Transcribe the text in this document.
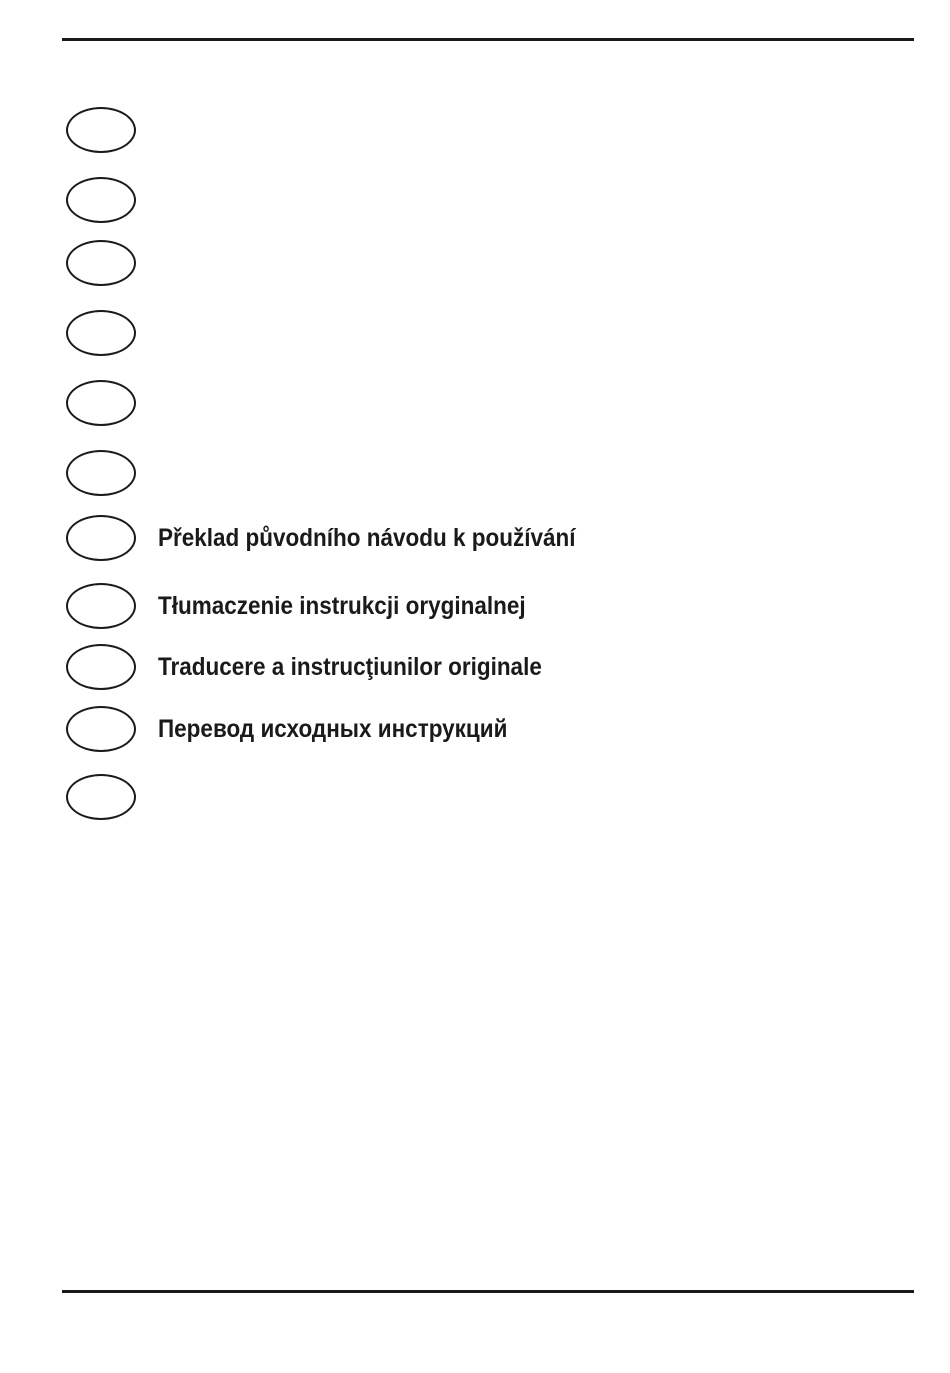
Překlad původního návodu k používání
Tłumaczenie instrukcji oryginalnej
Traducere a instrucţiunilor originale
Перевод исходных инструкций
